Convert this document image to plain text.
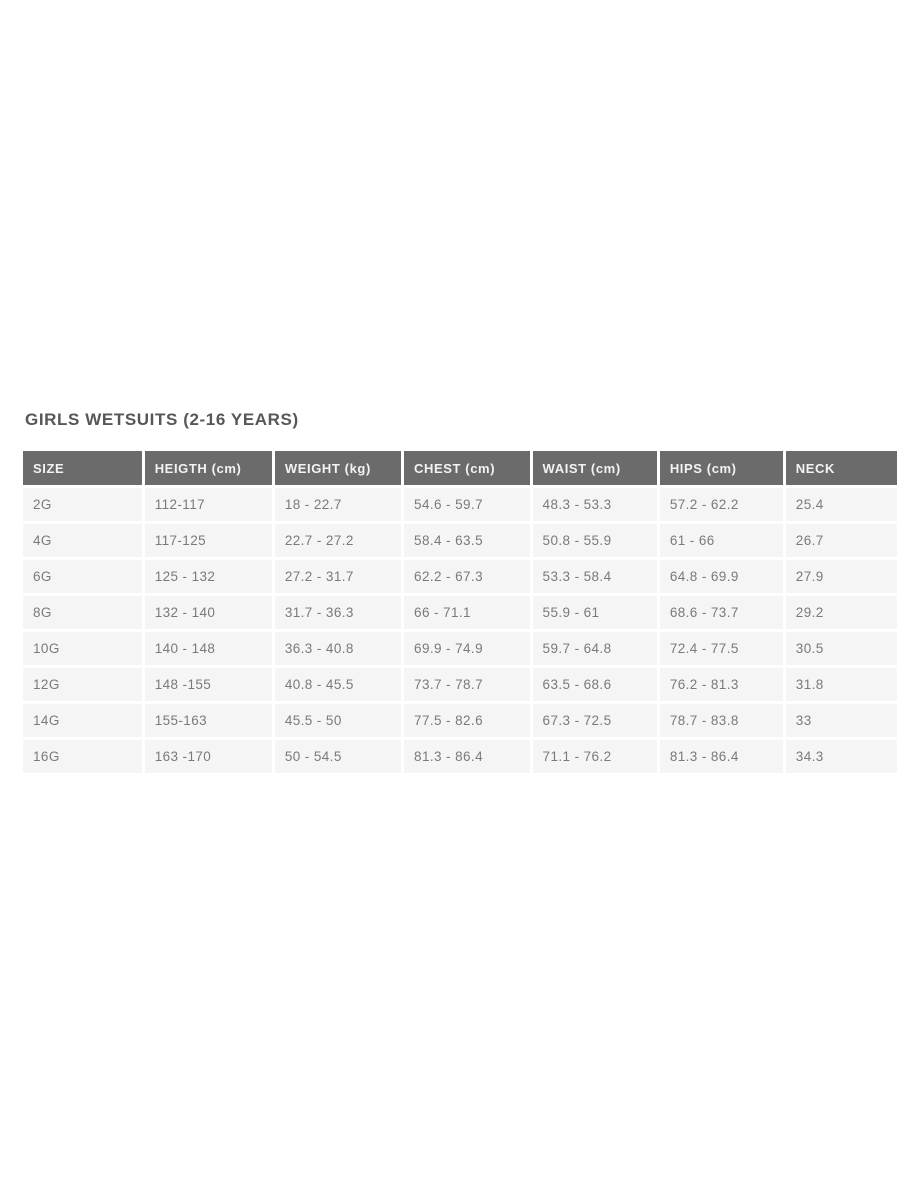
GIRLS WETSUITS (2-16 YEARS)
SIZE	HEIGTH (cm)	WEIGHT (kg)	CHEST (cm)	WAIST (cm)	HIPS (cm)	NECK
2G	112-117	18 - 22.7	54.6 - 59.7	48.3 - 53.3	57.2 - 62.2	25.4
4G	117-125	22.7 - 27.2	58.4 - 63.5	50.8 - 55.9	61 - 66	26.7
6G	125 - 132	27.2 - 31.7	62.2 - 67.3	53.3 - 58.4	64.8 - 69.9	27.9
8G	132 - 140	31.7 - 36.3	66 - 71.1	55.9 - 61	68.6 - 73.7	29.2
10G	140 - 148	36.3 - 40.8	69.9 - 74.9	59.7 - 64.8	72.4 - 77.5	30.5
12G	148 -155	40.8 - 45.5	73.7 - 78.7	63.5 - 68.6	76.2 - 81.3	31.8
14G	155-163	45.5 - 50	77.5 - 82.6	67.3 - 72.5	78.7 - 83.8	33
16G	163 -170	50 - 54.5	81.3 - 86.4	71.1 - 76.2	81.3 - 86.4	34.3
